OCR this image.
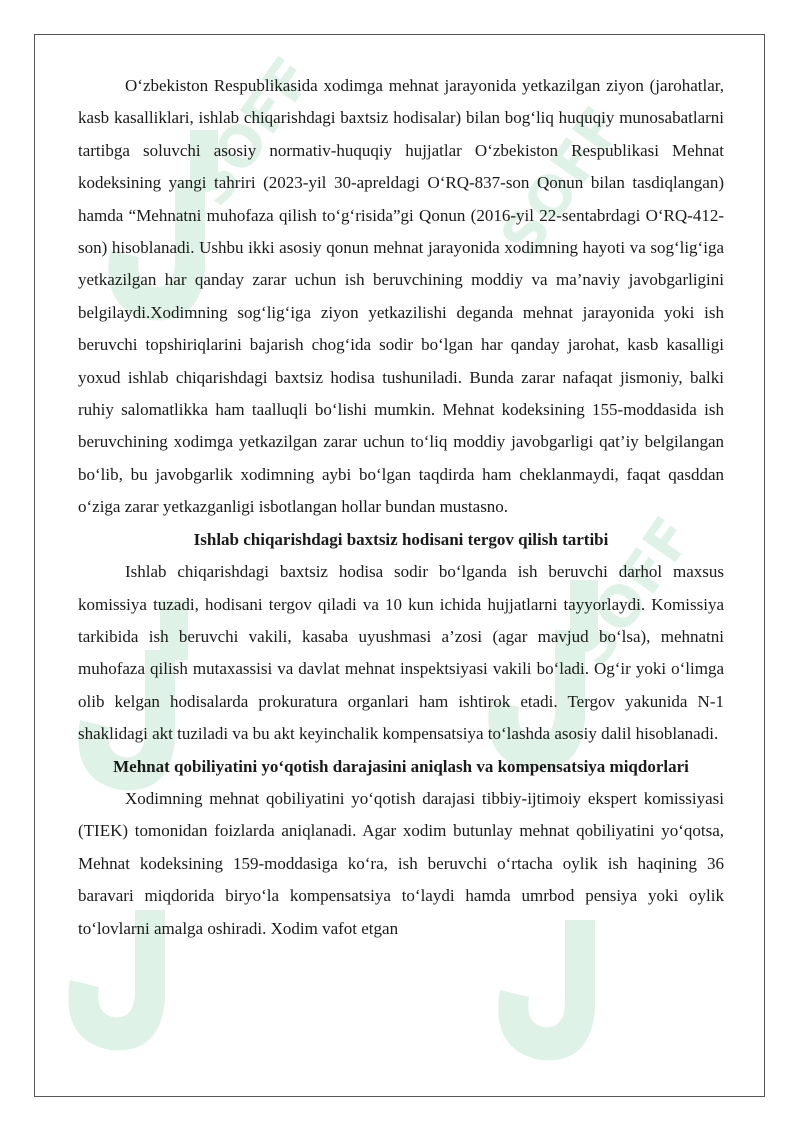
SOFF	SOFF
SOFF

O‘zbekiston Respublikasida xodimga mehnat jarayonida yetkazilgan ziyon (jarohatlar, kasb kasalliklari, ishlab chiqarishdagi baxtsiz hodisalar) bilan bog‘liq huquqiy munosabatlarni tartibga soluvchi asosiy normativ-huquqiy hujjatlar O‘zbekiston Respublikasi Mehnat kodeksining yangi tahriri (2023-yil 30-apreldagi O‘RQ-837-son Qonun bilan tasdiqlangan) hamda “Mehnatni muhofaza qilish to‘g‘risida”gi Qonun (2016-yil 22-sentabrdagi O‘RQ-412-son) hisoblanadi. Ushbu ikki asosiy qonun mehnat jarayonida xodimning hayoti va sog‘lig‘iga yetkazilgan har qanday zarar uchun ish beruvchining moddiy va ma’naviy javobgarligini belgilaydi.Xodimning sog‘lig‘iga ziyon yetkazilishi deganda mehnat jarayonida yoki ish beruvchi topshiriqlarini bajarish chog‘ida sodir bo‘lgan har qanday jarohat, kasb kasalligi yoxud ishlab chiqarishdagi baxtsiz hodisa tushuniladi. Bunda zarar nafaqat jismoniy, balki ruhiy salomatlikka ham taalluqli bo‘lishi mumkin. Mehnat kodeksining 155-moddasida ish beruvchining xodimga yetkazilgan zarar uchun to‘liq moddiy javobgarligi qat’iy belgilangan bo‘lib, bu javobgarlik xodimning aybi bo‘lgan taqdirda ham cheklanmaydi, faqat qasddan o‘ziga zarar yetkazganligi isbotlangan hollar bundan mustasno.

Ishlab chiqarishdagi baxtsiz hodisani tergov qilish tartibi

Ishlab chiqarishdagi baxtsiz hodisa sodir bo‘lganda ish beruvchi darhol maxsus komissiya tuzadi, hodisani tergov qiladi va 10 kun ichida hujjatlarni tayyorlaydi. Komissiya tarkibida ish beruvchi vakili, kasaba uyushmasi a’zosi (agar mavjud bo‘lsa), mehnatni muhofaza qilish mutaxassisi va davlat mehnat inspektsiyasi vakili bo‘ladi. Og‘ir yoki o‘limga olib kelgan hodisalarda prokuratura organlari ham ishtirok etadi. Tergov yakunida N-1 shaklidagi akt tuziladi va bu akt keyinchalik kompensatsiya to‘lashda asosiy dalil hisoblanadi.

Mehnat qobiliyatini yo‘qotish darajasini aniqlash va kompensatsiya miqdorlari

Xodimning mehnat qobiliyatini yo‘qotish darajasi tibbiy-ijtimoiy ekspert komissiyasi (TIEK) tomonidan foizlarda aniqlanadi. Agar xodim butunlay mehnat qobiliyatini yo‘qotsa, Mehnat kodeksining 159-moddasiga ko‘ra, ish beruvchi o‘rtacha oylik ish haqining 36 baravari miqdorida biryo‘la kompensatsiya to‘laydi hamda umrbod pensiya yoki oylik to‘lovlarni amalga oshiradi. Xodim vafot etgan
